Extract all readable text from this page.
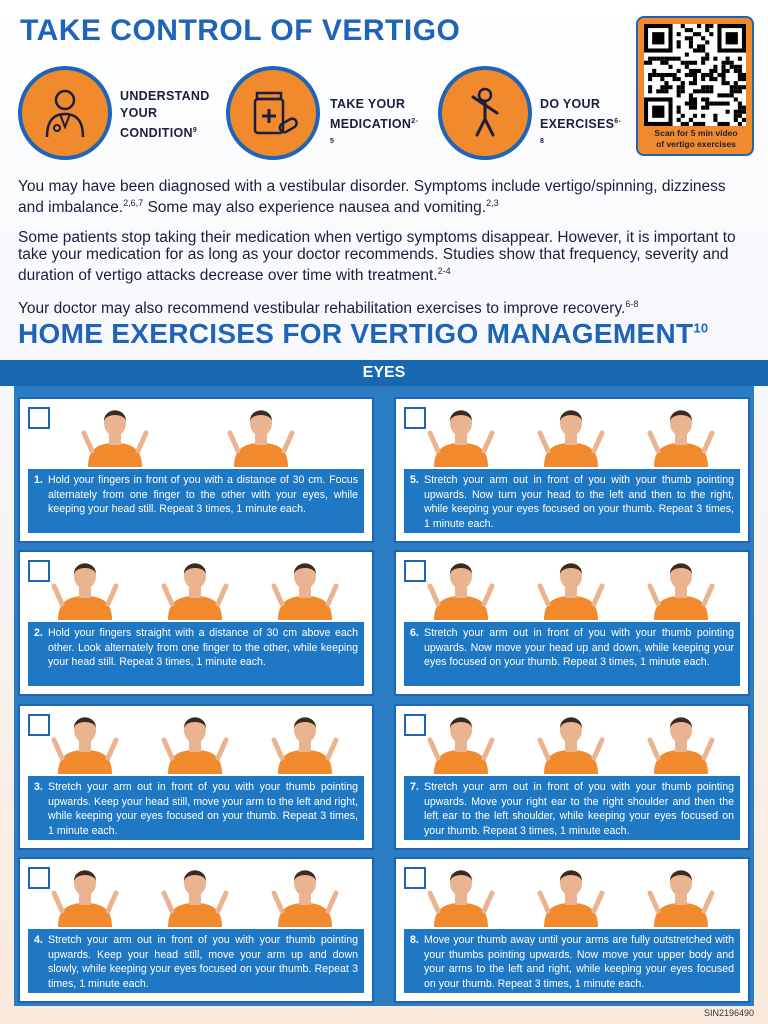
TAKE CONTROL OF VERTIGO
UNDERSTAND
YOUR
CONDITION$^9$
TAKE YOUR
MEDICATION$^{2-5}$
DO YOUR
EXERCISES$^{6-8}$
Scan for 5 min video
of vertigo exercises
You may have been diagnosed with a vestibular disorder. Symptoms include vertigo/spinning, dizziness and imbalance.$^{2,6,7}$ Some may also experience nausea and vomiting.$^{2,3}$
Some patients stop taking their medication when vertigo symptoms disappear. However, it is important to take your medication for as long as your doctor recommends. Studies show that frequency, severity and duration of vertigo attacks decrease over time with treatment.$^{2-4}$
Your doctor may also recommend vestibular rehabilitation exercises to improve recovery.$^{6-8}$
HOME EXERCISES FOR VERTIGO MANAGEMENT$^{10}$
EYES
1. Hold your fingers in front of you with a distance of 30 cm. Focus alternately from one finger to the other with your eyes, while keeping your head still. Repeat 3 times, 1 minute each.
2. Hold your fingers straight with a distance of 30 cm above each other. Look alternately from one finger to the other, while keeping your head still. Repeat 3 times, 1 minute each.
3. Stretch your arm out in front of you with your thumb pointing upwards. Keep your head still, move your arm to the left and right, while keeping your eyes focused on your thumb. Repeat 3 times, 1 minute each.
4. Stretch your arm out in front of you with your thumb pointing upwards. Keep your head still, move your arm up and down slowly, while keeping your eyes focused on your thumb. Repeat 3 times, 1 minute each.
5. Stretch your arm out in front of you with your thumb pointing upwards. Now turn your head to the left and then to the right, while keeping your eyes focused on your thumb. Repeat 3 times, 1 minute each.
6. Stretch your arm out in front of you with your thumb pointing upwards. Now move your head up and down, while keeping your eyes focused on your thumb. Repeat 3 times, 1 minute each.
7. Stretch your arm out in front of you with your thumb pointing upwards. Move your right ear to the right shoulder and then the left ear to the left shoulder, while keeping your eyes focused on your thumb. Repeat 3 times, 1 minute each.
8. Move your thumb away until your arms are fully outstretched with your thumbs pointing upwards. Now move your upper body and your arms to the left and right, while keeping your eyes focused on your thumb. Repeat 3 times, 1 minute each.
SIN2196490
